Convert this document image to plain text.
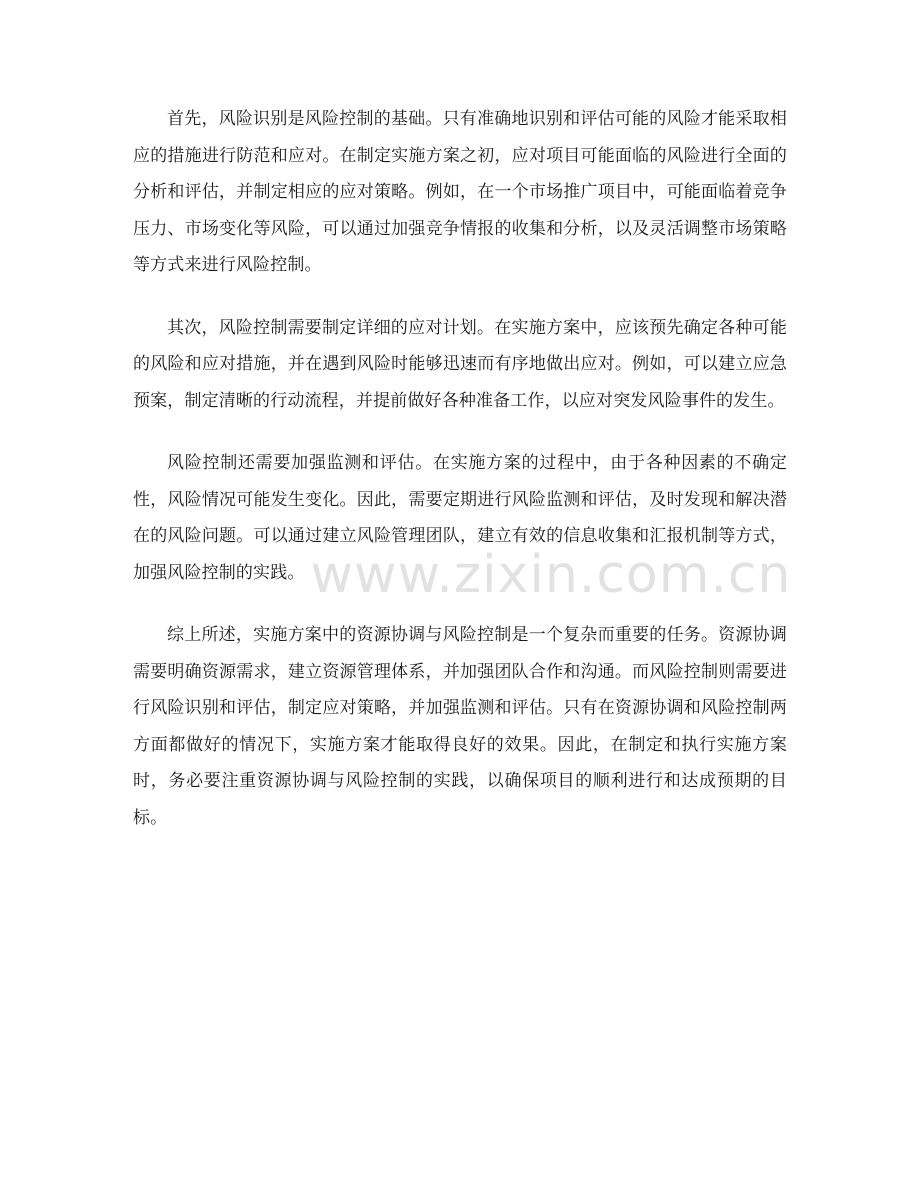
首先，风险识别是风险控制的基础。只有准确地识别和评估可能的风险才能采取相应的措施进行防范和应对。在制定实施方案之初，应对项目可能面临的风险进行全面的分析和评估，并制定相应的应对策略。例如，在一个市场推广项目中，可能面临着竞争压力、市场变化等风险，可以通过加强竞争情报的收集和分析，以及灵活调整市场策略等方式来进行风险控制。

其次，风险控制需要制定详细的应对计划。在实施方案中，应该预先确定各种可能的风险和应对措施，并在遇到风险时能够迅速而有序地做出应对。例如，可以建立应急预案，制定清晰的行动流程，并提前做好各种准备工作，以应对突发风险事件的发生。

风险控制还需要加强监测和评估。在实施方案的过程中，由于各种因素的不确定性，风险情况可能发生变化。因此，需要定期进行风险监测和评估，及时发现和解决潜在的风险问题。可以通过建立风险管理团队，建立有效的信息收集和汇报机制等方式，加强风险控制的实践。

综上所述，实施方案中的资源协调与风险控制是一个复杂而重要的任务。资源协调需要明确资源需求，建立资源管理体系，并加强团队合作和沟通。而风险控制则需要进行风险识别和评估，制定应对策略，并加强监测和评估。只有在资源协调和风险控制两方面都做好的情况下，实施方案才能取得良好的效果。因此，在制定和执行实施方案时，务必要注重资源协调与风险控制的实践，以确保项目的顺利进行和达成预期的目标。

www.zixin.com.cn
